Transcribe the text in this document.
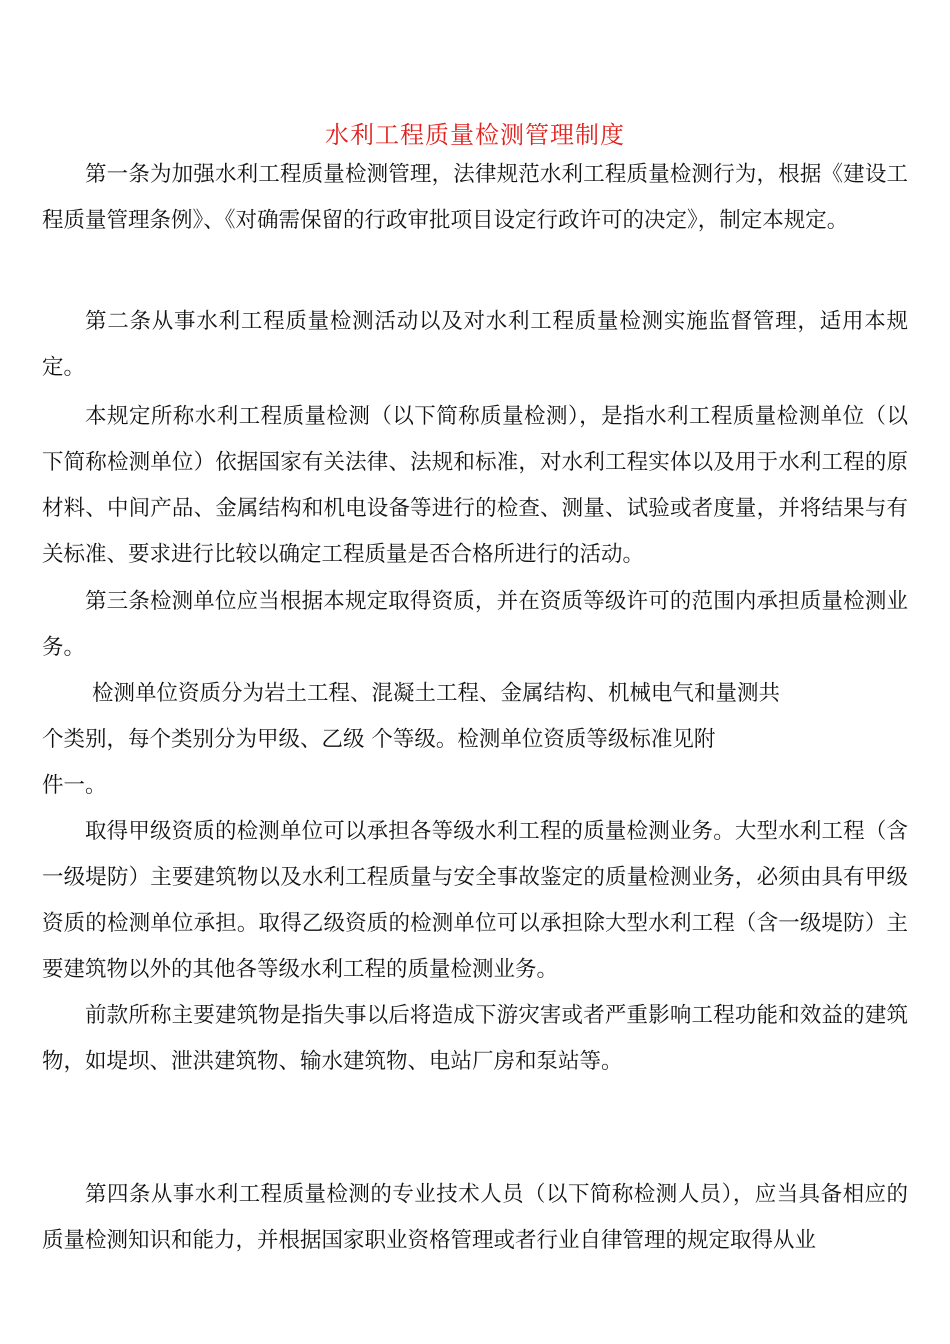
水利工程质量检测管理制度
第一条为加强水利工程质量检测管理，法律规范水利工程质量检测行为，根据《建设工程质量管理条例》、《对确需保留的行政审批项目设定行政许可的决定》，制定本规定。
第二条从事水利工程质量检测活动以及对水利工程质量检测实施监督管理，适用本规定。
本规定所称水利工程质量检测（以下简称质量检测），是指水利工程质量检测单位（以下简称检测单位）依据国家有关法律、法规和标准，对水利工程实体以及用于水利工程的原材料、中间产品、金属结构和机电设备等进行的检查、测量、试验或者度量，并将结果与有关标准、要求进行比较以确定工程质量是否合格所进行的活动。
第三条检测单位应当根据本规定取得资质，并在资质等级许可的范围内承担质量检测业务。
检测单位资质分为岩土工程、混凝土工程、金属结构、机械电气和量测共
个类别，每个类别分为甲级、乙级 个等级。检测单位资质等级标准见附
件一。
取得甲级资质的检测单位可以承担各等级水利工程的质量检测业务。大型水利工程（含一级堤防）主要建筑物以及水利工程质量与安全事故鉴定的质量检测业务，必须由具有甲级资质的检测单位承担。取得乙级资质的检测单位可以承担除大型水利工程（含一级堤防）主要建筑物以外的其他各等级水利工程的质量检测业务。
前款所称主要建筑物是指失事以后将造成下游灾害或者严重影响工程功能和效益的建筑物，如堤坝、泄洪建筑物、输水建筑物、电站厂房和泵站等。
第四条从事水利工程质量检测的专业技术人员（以下简称检测人员），应当具备相应的质量检测知识和能力，并根据国家职业资格管理或者行业自律管理的规定取得从业
